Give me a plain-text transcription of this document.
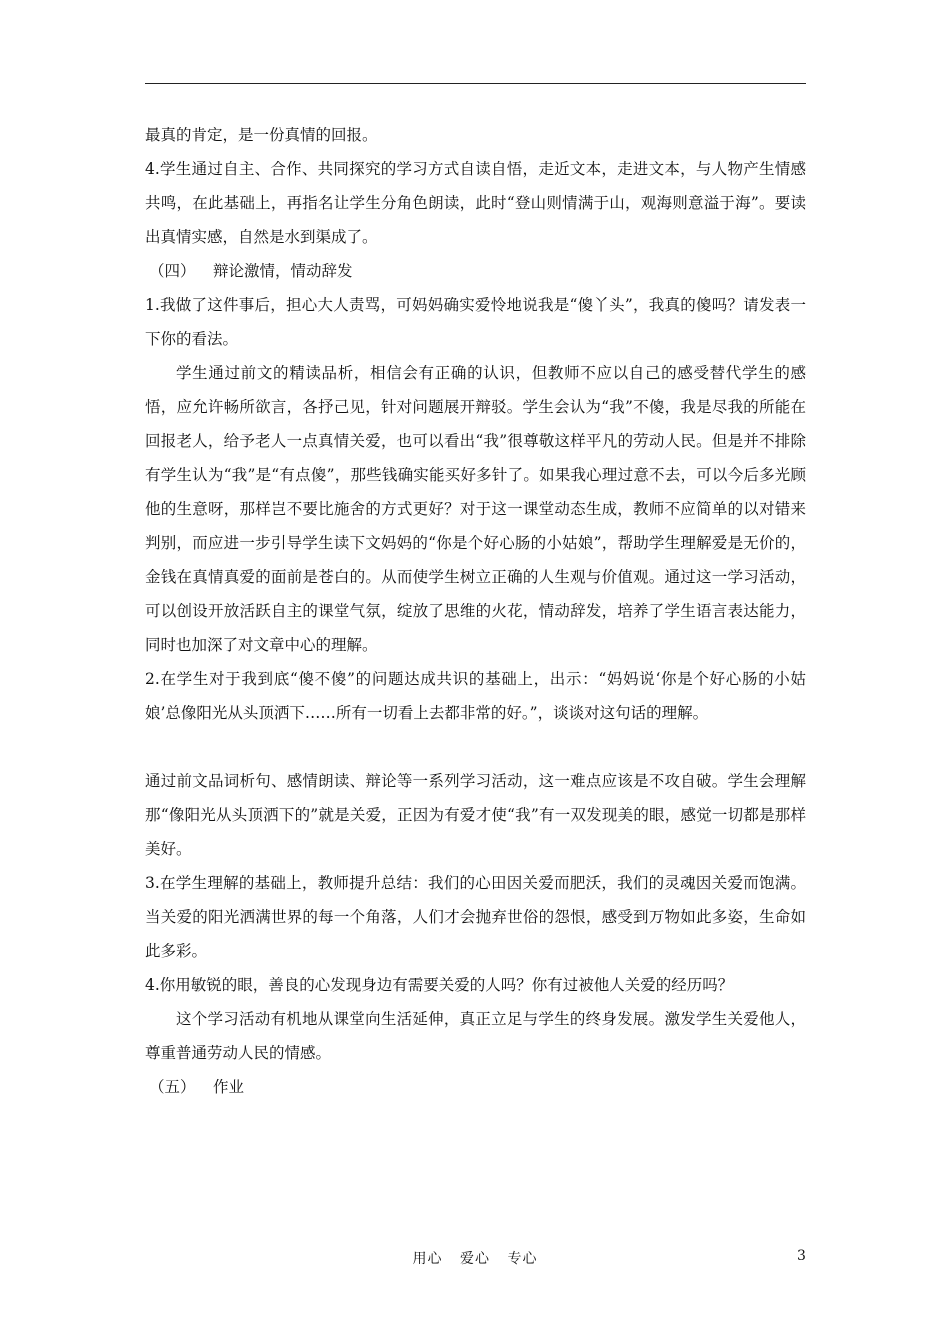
最真的肯定，是一份真情的回报。

4.学生通过自主、合作、共同探究的学习方式自读自悟，走近文本，走进文本，与人物产生情感共鸣，在此基础上，再指名让学生分角色朗读，此时“登山则情满于山，观海则意溢于海”。要读出真情实感，自然是水到渠成了。

（四） 辩论激情，情动辞发

1.我做了这件事后，担心大人责骂，可妈妈确实爱怜地说我是“傻丫头”，我真的傻吗？请发表一下你的看法。

学生通过前文的精读品析，相信会有正确的认识，但教师不应以自己的感受替代学生的感悟，应允许畅所欲言，各抒己见，针对问题展开辩驳。学生会认为“我”不傻，我是尽我的所能在回报老人，给予老人一点真情关爱，也可以看出“我”很尊敬这样平凡的劳动人民。但是并不排除有学生认为“我”是“有点傻”，那些钱确实能买好多针了。如果我心理过意不去，可以今后多光顾他的生意呀，那样岂不要比施舍的方式更好？对于这一课堂动态生成，教师不应简单的以对错来判别，而应进一步引导学生读下文妈妈的“你是个好心肠的小姑娘”，帮助学生理解爱是无价的，金钱在真情真爱的面前是苍白的。从而使学生树立正确的人生观与价值观。通过这一学习活动，可以创设开放活跃自主的课堂气氛，绽放了思维的火花，情动辞发，培养了学生语言表达能力，同时也加深了对文章中心的理解。

2.在学生对于我到底“傻不傻”的问题达成共识的基础上，出示：“妈妈说‘你是个好心肠的小姑娘’总像阳光从头顶洒下……所有一切看上去都非常的好。”，谈谈对这句话的理解。

通过前文品词析句、感情朗读、辩论等一系列学习活动，这一难点应该是不攻自破。学生会理解那“像阳光从头顶洒下的”就是关爱，正因为有爱才使“我”有一双发现美的眼，感觉一切都是那样美好。

3.在学生理解的基础上，教师提升总结：我们的心田因关爱而肥沃，我们的灵魂因关爱而饱满。当关爱的阳光洒满世界的每一个角落，人们才会抛弃世俗的怨恨，感受到万物如此多姿，生命如此多彩。

4.你用敏锐的眼，善良的心发现身边有需要关爱的人吗？你有过被他人关爱的经历吗？

这个学习活动有机地从课堂向生活延伸，真正立足与学生的终身发展。激发学生关爱他人，尊重普通劳动人民的情感。

（五） 作业

用心 爱心 专心	3
